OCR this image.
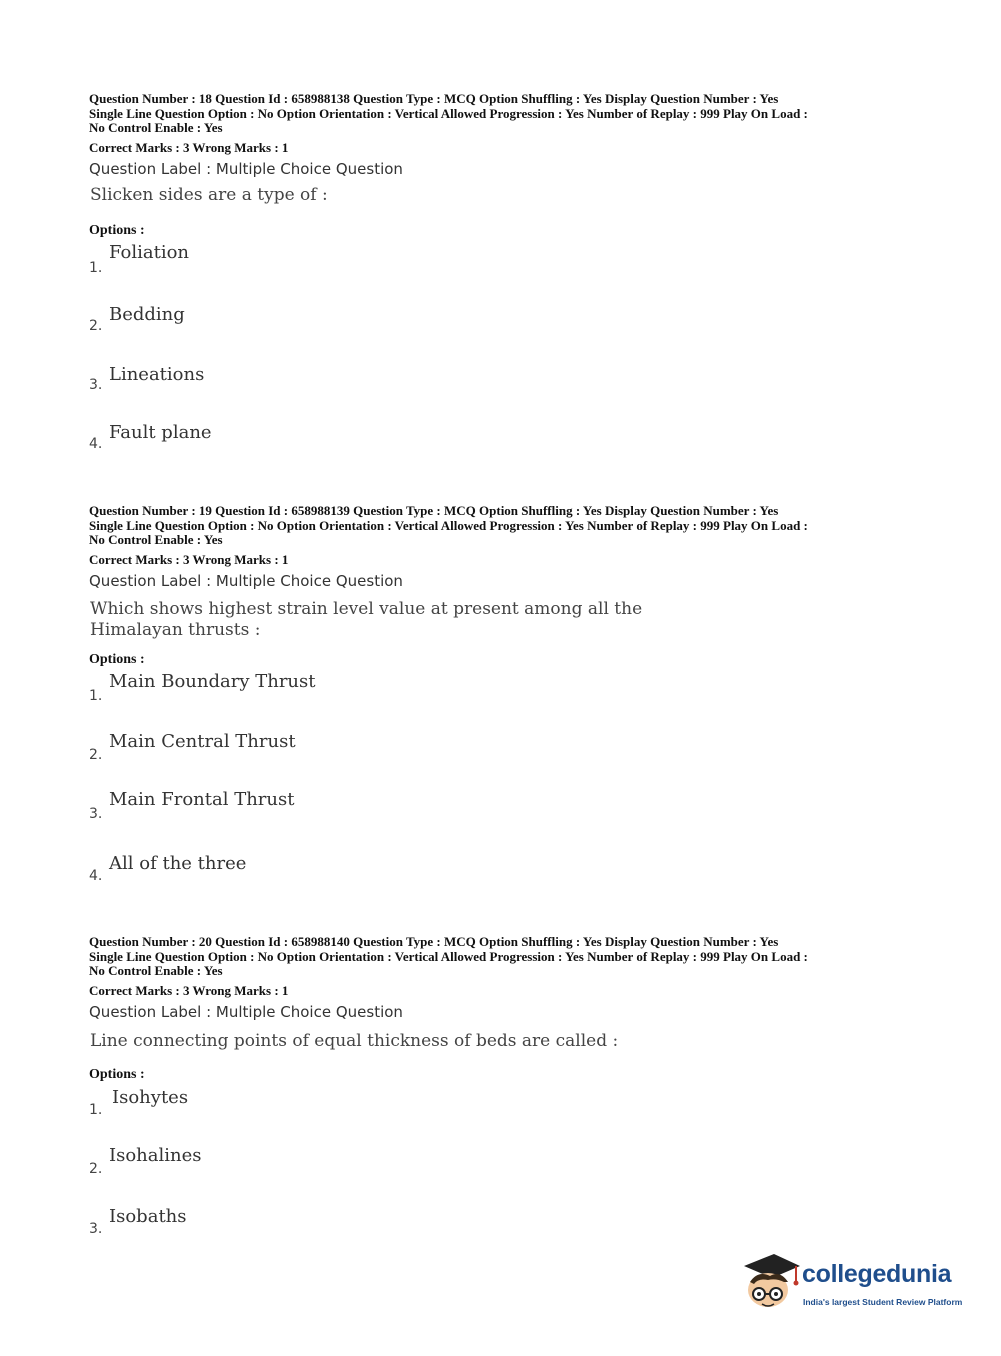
Question Number : 18 Question Id : 658988138 Question Type : MCQ Option Shuffling : Yes Display Question Number : Yes
Single Line Question Option : No Option Orientation : Vertical Allowed Progression : Yes Number of Replay : 999 Play On Load :
No Control Enable : Yes
Correct Marks : 3 Wrong Marks : 1
Question Label : Multiple Choice Question
Slicken sides are a type of :
Options :
1.
Foliation
2.
Bedding
3. Lineations
4.
Fault plane
Question Number : 19 Question Id : 658988139 Question Type : MCQ Option Shuffling : Yes Display Question Number : Yes
Single Line Question Option : No Option Orientation : Vertical Allowed Progression : Yes Number of Replay : 999 Play On Load :
No Control Enable : Yes
Correct Marks : 3 Wrong Marks : 1
Question Label : Multiple Choice Question
Which shows highest strain level value at present among all the Himalayan thrusts :
Options :
1.
Main Boundary Thrust
2.
Main Central Thrust
3.
Main Frontal Thrust
4.
All of the three
Question Number : 20 Question Id : 658988140 Question Type : MCQ Option Shuffling : Yes Display Question Number : Yes
Single Line Question Option : No Option Orientation : Vertical Allowed Progression : Yes Number of Replay : 999 Play On Load :
No Control Enable : Yes
Correct Marks : 3 Wrong Marks : 1
Question Label : Multiple Choice Question
Line connecting points of equal thickness of beds are called :
Options :
1.
Isohytes
2.
Isohalines
3.
Isobaths
collegedunia
India's largest Student Review Platform
